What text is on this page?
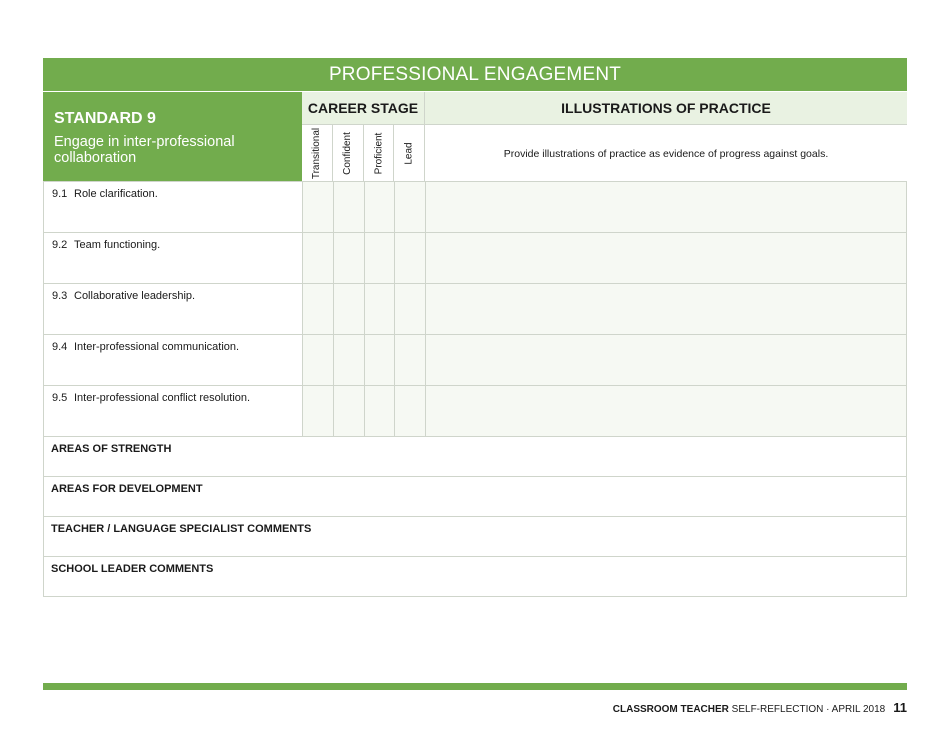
PROFESSIONAL ENGAGEMENT
STANDARD 9
Engage in inter-professional collaboration
CAREER STAGE
Transitional Confident Proficient Lead
ILLUSTRATIONS OF PRACTICE
Provide illustrations of practice as evidence of progress against goals.
9.1 Role clarification.
9.2 Team functioning.
9.3 Collaborative leadership.
9.4 Inter-professional communication.
9.5 Inter-professional conflict resolution.
AREAS OF STRENGTH
AREAS FOR DEVELOPMENT
TEACHER / LANGUAGE SPECIALIST COMMENTS
SCHOOL LEADER COMMENTS
CLASSROOM TEACHER SELF-REFLECTION · APRIL 2018 11
